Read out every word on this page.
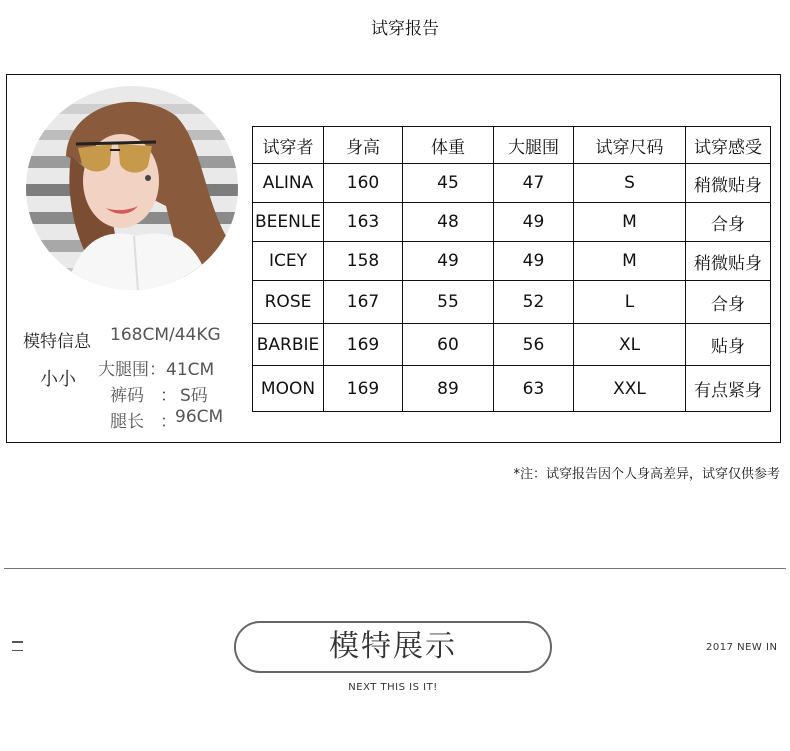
试穿报告
模特信息 168CM/44KG
小小 大腿围：41CM
裤码 ： S码
腿长 ：
96CM
试穿者	身高	体重	大腿围	试穿尺码	试穿感受
ALINA	160	45	47	S	稍微贴身
BEENLE	163	48	49	M	合身
ICEY	158	49	49	M	稍微贴身
ROSE	167	55	52	L	合身
BARBIE	169	60	56	XL	贴身
MOON	169	89	63	XXL	有点紧身
*注：试穿报告因个人身高差异，试穿仅供参考
模特展示
NEXT THIS IS IT!
2017 NEW IN
